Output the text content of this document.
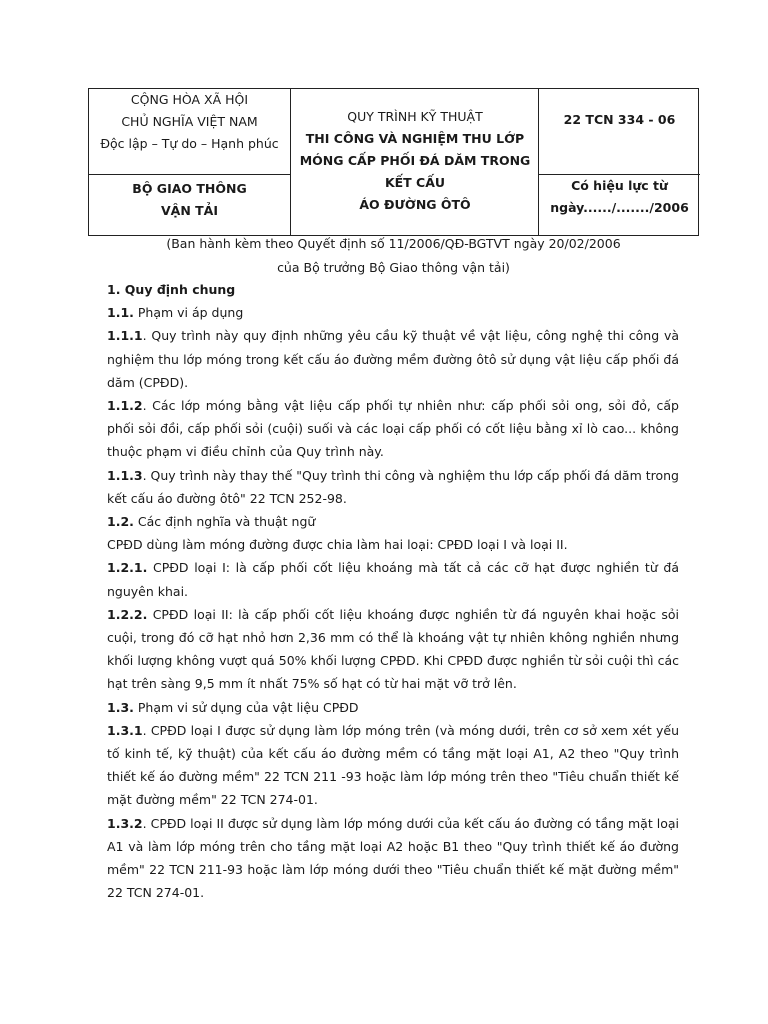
CỘNG HÒA XÃ HỘI
CHỦ NGHĨA VIỆT NAM
Độc lập – Tự do – Hạnh phúc
BỘ GIAO THÔNG
VẬN TẢI
QUY TRÌNH KỸ THUẬT
THI CÔNG VÀ NGHIỆM THU LỚP
MÓNG CẤP PHỐI ĐÁ DĂM TRONG
KẾT CẤU
ÁO ĐƯỜNG ÔTÔ
22 TCN 334 - 06
Có hiệu lực từ
ngày....../......./2006
(Ban hành kèm theo Quyết định số 11/2006/QĐ-BGTVT ngày 20/02/2006
của Bộ trưởng Bộ Giao thông vận tải)

1. Quy định chung

1.1. Phạm vi áp dụng

1.1.1. Quy trình này quy định những yêu cầu kỹ thuật về vật liệu, công nghệ thi công và nghiệm thu lớp móng trong kết cấu áo đường mềm đường ôtô sử dụng vật liệu cấp phối đá dăm (CPĐD).

1.1.2. Các lớp móng bằng vật liệu cấp phối tự nhiên như: cấp phối sỏi ong, sỏi đỏ, cấp phối sỏi đồi, cấp phối sỏi (cuội) suối và các loại cấp phối có cốt liệu bằng xỉ lò cao... không thuộc phạm vi điều chỉnh của Quy trình này.

1.1.3. Quy trình này thay thế "Quy trình thi công và nghiệm thu lớp cấp phối đá dăm trong kết cấu áo đường ôtô" 22 TCN 252-98.

1.2. Các định nghĩa và thuật ngữ

CPĐD dùng làm móng đường được chia làm hai loại: CPĐD loại I và loại II.

1.2.1. CPĐD loại I: là cấp phối cốt liệu khoáng mà tất cả các cỡ hạt được nghiền từ đá nguyên khai.

1.2.2. CPĐD loại II: là cấp phối cốt liệu khoáng được nghiền từ đá nguyên khai hoặc sỏi cuội, trong đó cỡ hạt nhỏ hơn 2,36 mm có thể là khoáng vật tự nhiên không nghiền nhưng khối lượng không vượt quá 50% khối lượng CPĐD. Khi CPĐD được nghiền từ sỏi cuội thì các hạt trên sàng 9,5 mm ít nhất 75% số hạt có từ hai mặt vỡ trở lên.

1.3. Phạm vi sử dụng của vật liệu CPĐD

1.3.1. CPĐD loại I được sử dụng làm lớp móng trên (và móng dưới, trên cơ sở xem xét yếu tố kinh tế, kỹ thuật) của kết cấu áo đường mềm có tầng mặt loại A1, A2 theo "Quy trình thiết kế áo đường mềm" 22 TCN 211 -93 hoặc làm lớp móng trên theo "Tiêu chuẩn thiết kế mặt đường mềm" 22 TCN 274-01.

1.3.2. CPĐD loại II được sử dụng làm lớp móng dưới của kết cấu áo đường có tầng mặt loại A1 và làm lớp móng trên cho tầng mặt loại A2 hoặc B1 theo "Quy trình thiết kế áo đường mềm" 22 TCN 211-93 hoặc làm lớp móng dưới theo "Tiêu chuẩn thiết kế mặt đường mềm" 22 TCN 274-01.
